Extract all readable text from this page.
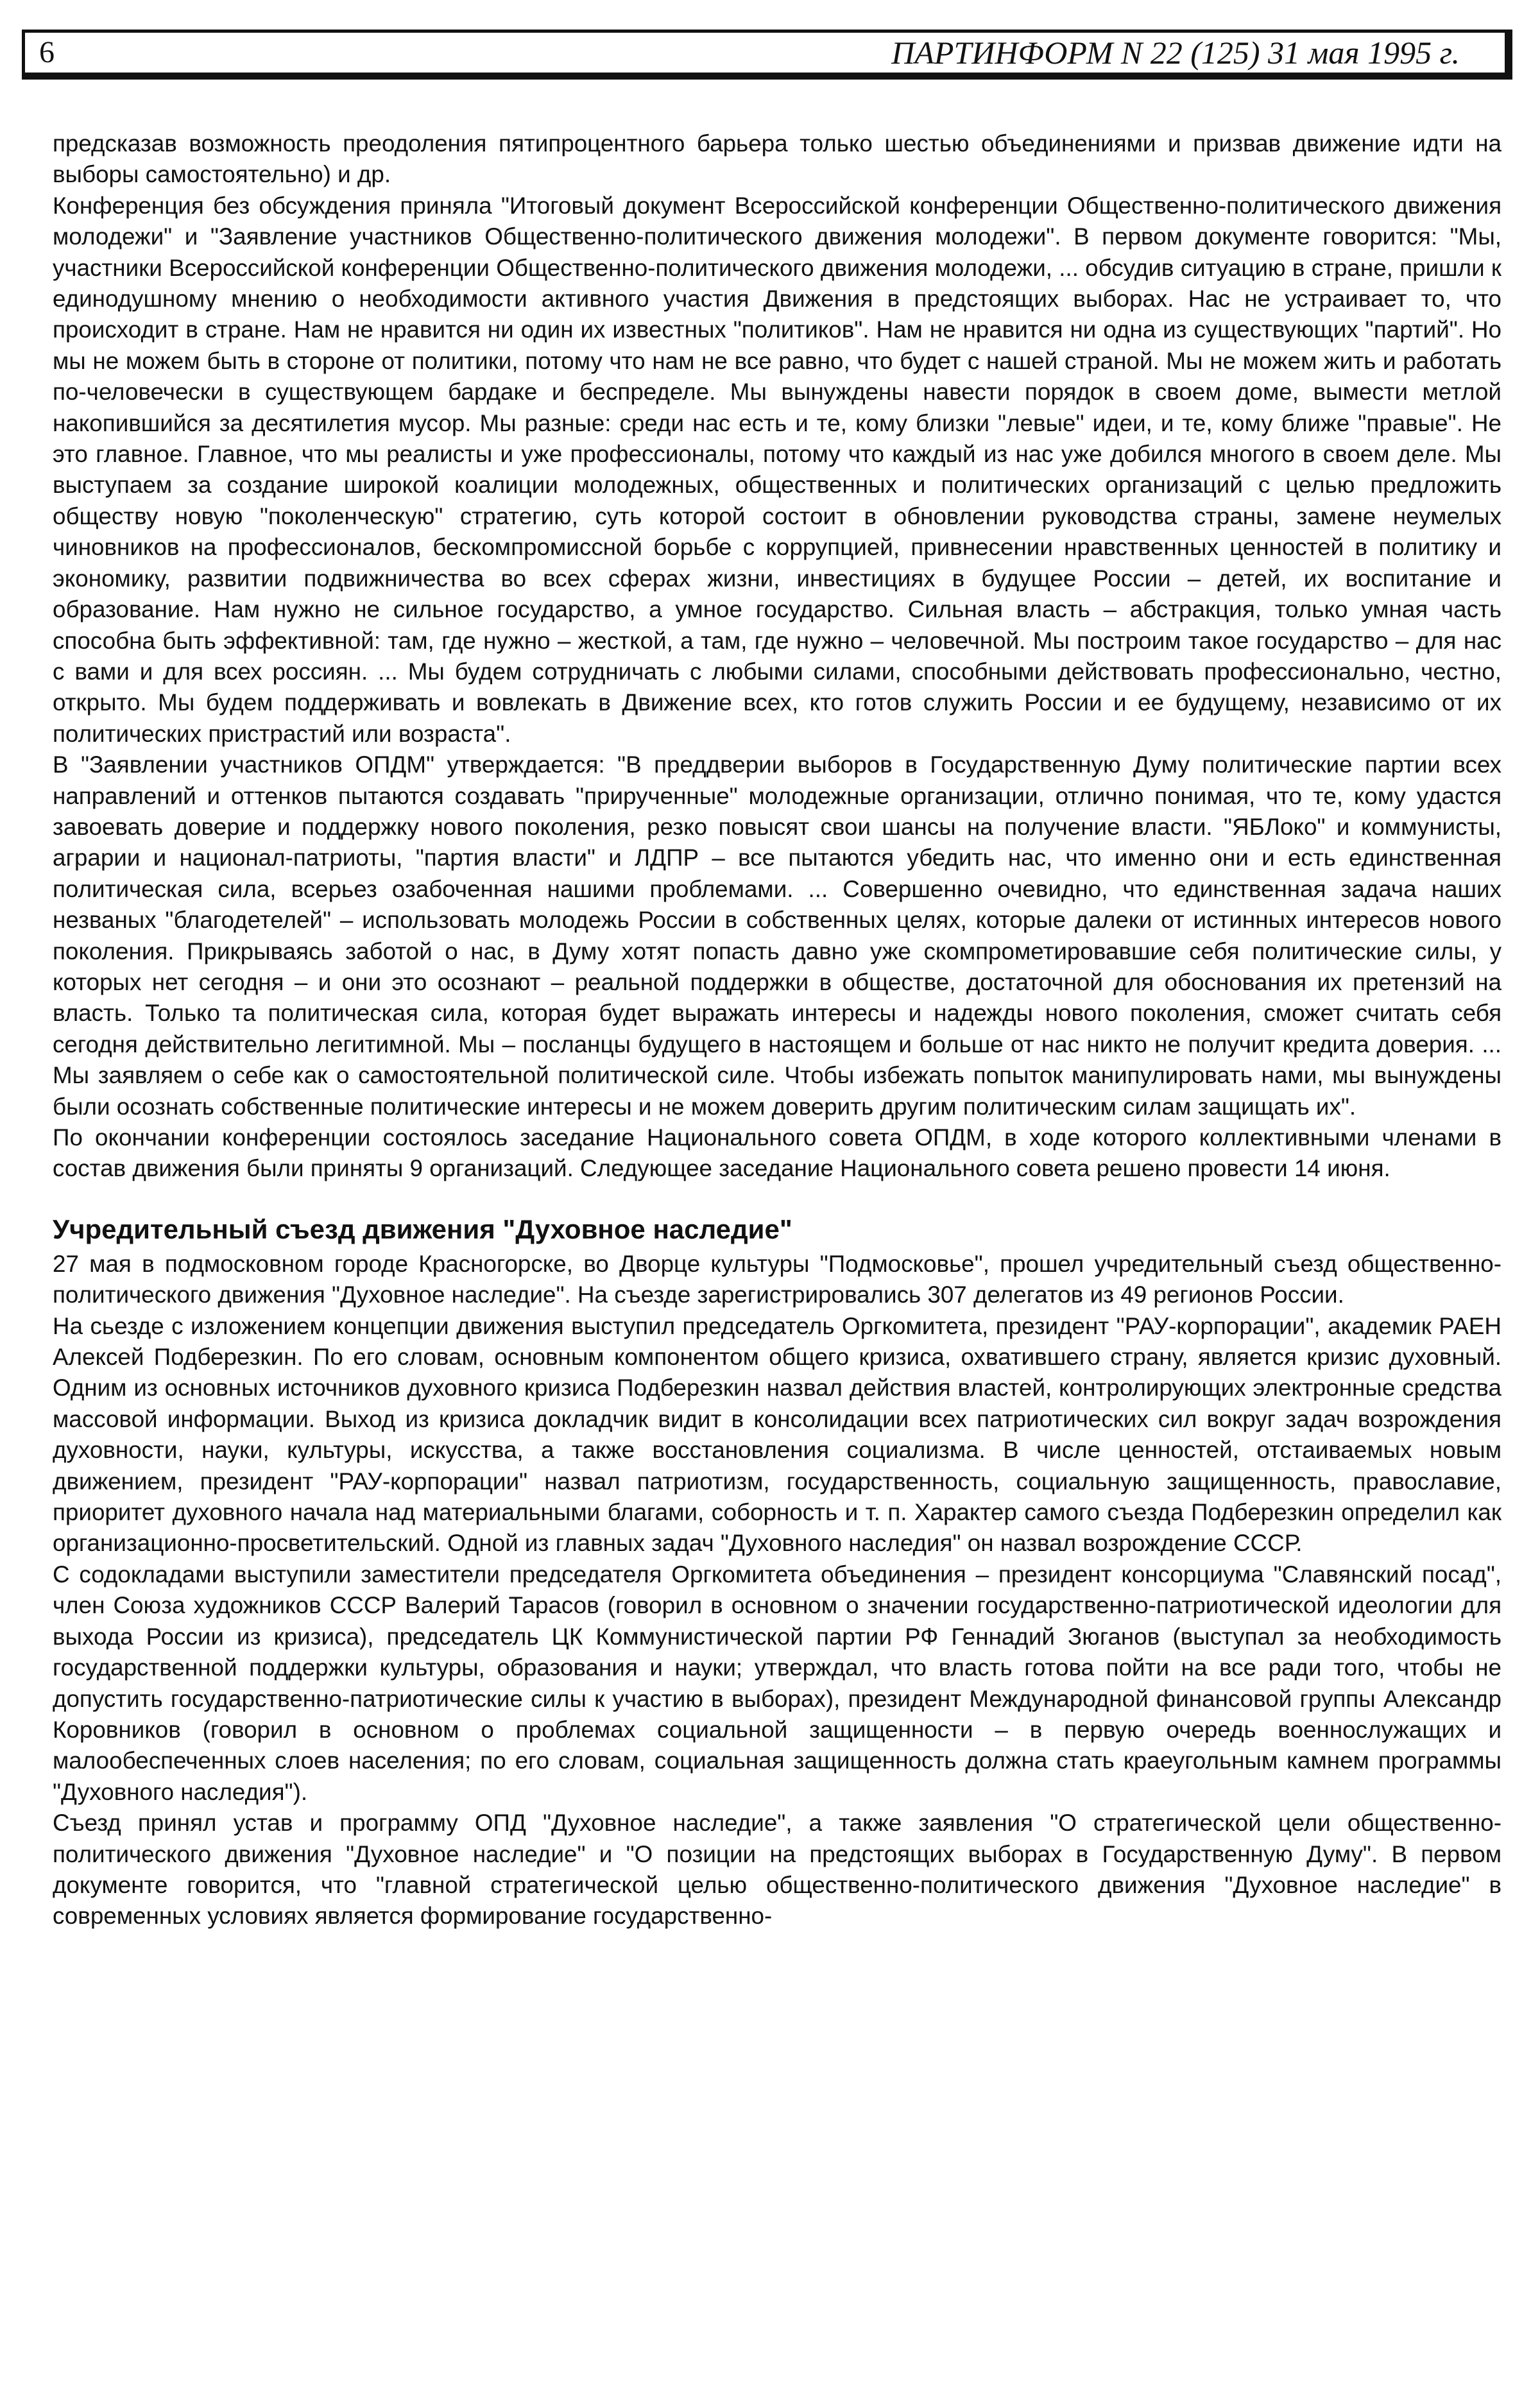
6	ПАРТИНФОРМ N 22 (125) 31 мая 1995 г.

предсказав возможность преодоления пятипроцентного барьера только шестью объединениями и призвав движение идти на выборы самостоятельно) и др.

Конференция без обсуждения приняла "Итоговый документ Всероссийской конференции Общественно-политического движения молодежи" и "Заявление участников Общественно-политического движения молодежи". В первом документе говорится: "Мы, участники Всероссийской конференции Общественно-политического движения молодежи, ... обсудив ситуацию в стране, пришли к единодушному мнению о необходимости активного участия Движения в предстоящих выборах. Нас не устраивает то, что происходит в стране. Нам не нравится ни один их известных "политиков". Нам не нравится ни одна из существующих "партий". Но мы не можем быть в стороне от политики, потому что нам не все равно, что будет с нашей страной. Мы не можем жить и работать по-человечески в существующем бардаке и беспределе. Мы вынуждены навести порядок в своем доме, вымести метлой накопившийся за десятилетия мусор. Мы разные: среди нас есть и те, кому близки "левые" идеи, и те, кому ближе "правые". Не это главное. Главное, что мы реалисты и уже профессионалы, потому что каждый из нас уже добился многого в своем деле. Мы выступаем за создание широкой коалиции молодежных, общественных и политических организаций с целью предложить обществу новую "поколенческую" стратегию, суть которой состоит в обновлении руководства страны, замене неумелых чиновников на профессионалов, бескомпромиссной борьбе с коррупцией, привнесении нравственных ценностей в политику и экономику, развитии подвижничества во всех сферах жизни, инвестициях в будущее России – детей, их воспитание и образование. Нам нужно не сильное государство, а умное государство. Сильная власть – абстракция, только умная часть способна быть эффективной: там, где нужно – жесткой, а там, где нужно – человечной. Мы построим такое государство – для нас с вами и для всех россиян. ... Мы будем сотрудничать с любыми силами, способными действовать профессионально, честно, открыто. Мы будем поддерживать и вовлекать в Движение всех, кто готов служить России и ее будущему, независимо от их политических пристрастий или возраста".

В "Заявлении участников ОПДМ" утверждается: "В преддверии выборов в Государственную Думу политические партии всех направлений и оттенков пытаются создавать "прирученные" молодежные организации, отлично понимая, что те, кому удастся завоевать доверие и поддержку нового поколения, резко повысят свои шансы на получение власти. "ЯБЛоко" и коммунисты, аграрии и национал-патриоты, "партия власти" и ЛДПР – все пытаются убедить нас, что именно они и есть единственная политическая сила, всерьез озабоченная нашими проблемами. ... Совершенно очевидно, что единственная задача наших незваных "благодетелей" – использовать молодежь России в собственных целях, которые далеки от истинных интересов нового поколения. Прикрываясь заботой о нас, в Думу хотят попасть давно уже скомпрометировавшие себя политические силы, у которых нет сегодня – и они это осознают – реальной поддержки в обществе, достаточной для обоснования их претензий на власть. Только та политическая сила, которая будет выражать интересы и надежды нового поколения, сможет считать себя сегодня действительно легитимной. Мы – посланцы будущего в настоящем и больше от нас никто не получит кредита доверия. ... Мы заявляем о себе как о самостоятельной политической силе. Чтобы избежать попыток манипулировать нами, мы вынуждены были осознать собственные политические интересы и не можем доверить другим политическим силам защищать их".

По окончании конференции состоялось заседание Национального совета ОПДМ, в ходе которого коллективными членами в состав движения были приняты 9 организаций. Следующее заседание Национального совета решено провести 14 июня.

Учредительный съезд движения "Духовное наследие"

27 мая в подмосковном городе Красногорске, во Дворце культуры "Подмосковье", прошел учредительный съезд общественно-политического движения "Духовное наследие". На съезде зарегистрировались 307 делегатов из 49 регионов России.

На сьезде с изложением концепции движения выступил председатель Оргкомитета, президент "РАУ-корпорации", академик РАЕН Алексей Подберезкин. По его словам, основным компонентом общего кризиса, охватившего страну, является кризис духовный. Одним из основных источников духовного кризиса Подберезкин назвал действия властей, контролирующих электронные средства массовой информации. Выход из кризиса докладчик видит в консолидации всех патриотических сил вокруг задач возрождения духовности, науки, культуры, искусства, а также восстановления социализма. В числе ценностей, отстаиваемых новым движением, президент "РАУ-корпорации" назвал патриотизм, государственность, социальную защищенность, православие, приоритет духовного начала над материальными благами, соборность и т. п. Характер самого съезда Подберезкин определил как организационно-просветительский. Одной из главных задач "Духовного наследия" он назвал возрождение СССР.

С содокладами выступили заместители председателя Оргкомитета объединения – президент консорциума "Славянский посад", член Союза художников СССР Валерий Тарасов (говорил в основном о значении государственно-патриотической идеологии для выхода России из кризиса), председатель ЦК Коммунистической партии РФ Геннадий Зюганов (выступал за необходимость государственной поддержки культуры, образования и науки; утверждал, что власть готова пойти на все ради того, чтобы не допустить государственно-патриотические силы к участию в выборах), президент Международной финансовой группы Александр Коровников (говорил в основном о проблемах социальной защищенности – в первую очередь военнослужащих и малообеспеченных слоев населения; по его словам, социальная защищенность должна стать краеугольным камнем программы "Духовного наследия").

Съезд принял устав и программу ОПД "Духовное наследие", а также заявления "О стратегической цели общественно-политического движения "Духовное наследие" и "О позиции на предстоящих выборах в Государственную Думу". В первом документе говорится, что "главной стратегической целью общественно-политического движения "Духовное наследие" в современных условиях является формирование государственно-
